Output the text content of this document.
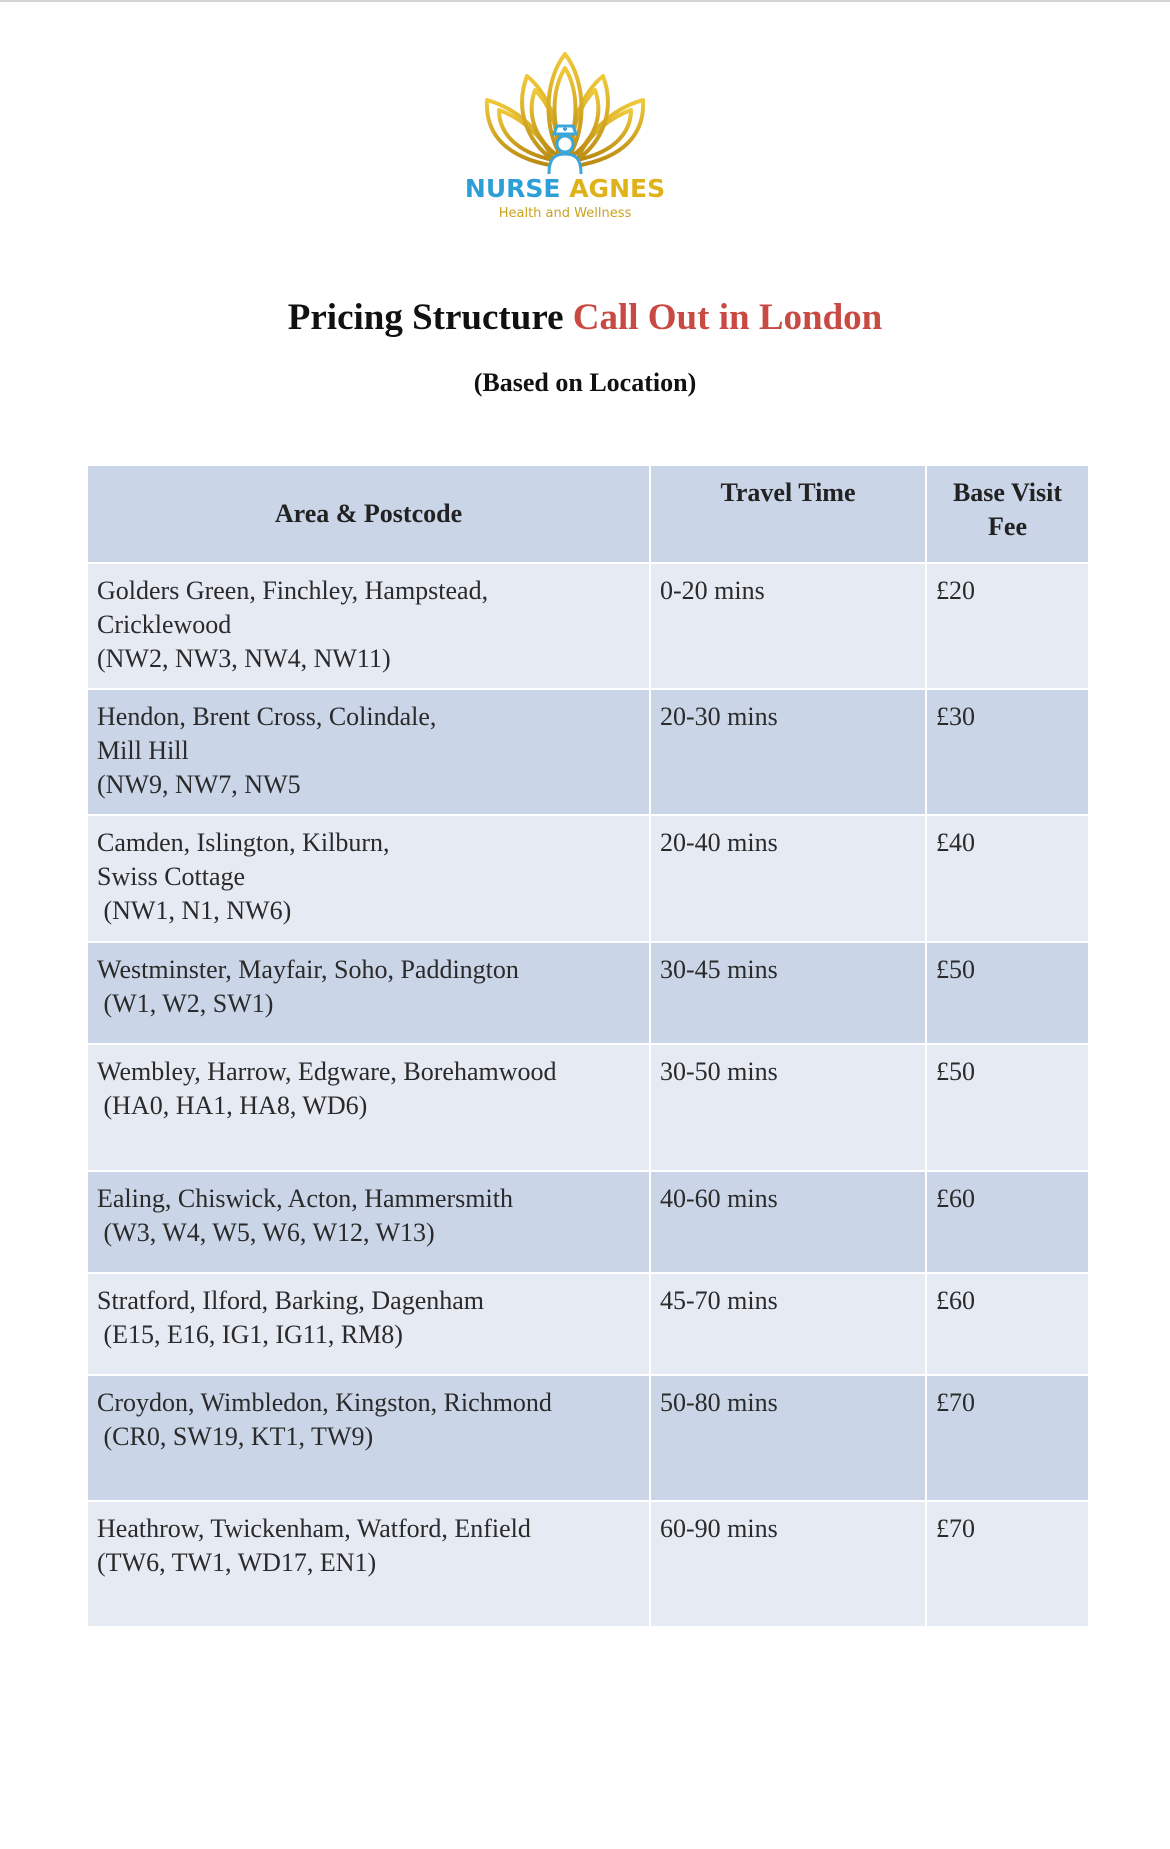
NURSE AGNES
Health and Wellness
Pricing Structure Call Out in London
(Based on Location)
Area & Postcode	Travel Time	Base Visit
Fee

Golders Green, Finchley, Hampstead,
Cricklewood
(NW2, NW3, NW4, NW11)	0-20 mins	£20

Hendon, Brent Cross, Colindale,
Mill Hill
(NW9, NW7, NW5	20-30 mins	£30

Camden, Islington, Kilburn,
Swiss Cottage
(NW1, N1, NW6)	20-40 mins	£40

Westminster, Mayfair, Soho, Paddington
(W1, W2, SW1)	30-45 mins	£50

Wembley, Harrow, Edgware, Borehamwood
(HA0, HA1, HA8, WD6)	30-50 mins	£50

Ealing, Chiswick, Acton, Hammersmith
(W3, W4, W5, W6, W12, W13)	40-60 mins	£60

Stratford, Ilford, Barking, Dagenham
(E15, E16, IG1, IG11, RM8)	45-70 mins	£60

Croydon, Wimbledon, Kingston, Richmond
(CR0, SW19, KT1, TW9)	50-80 mins	£70

Heathrow, Twickenham, Watford, Enfield
(TW6, TW1, WD17, EN1)	60-90 mins	£70
